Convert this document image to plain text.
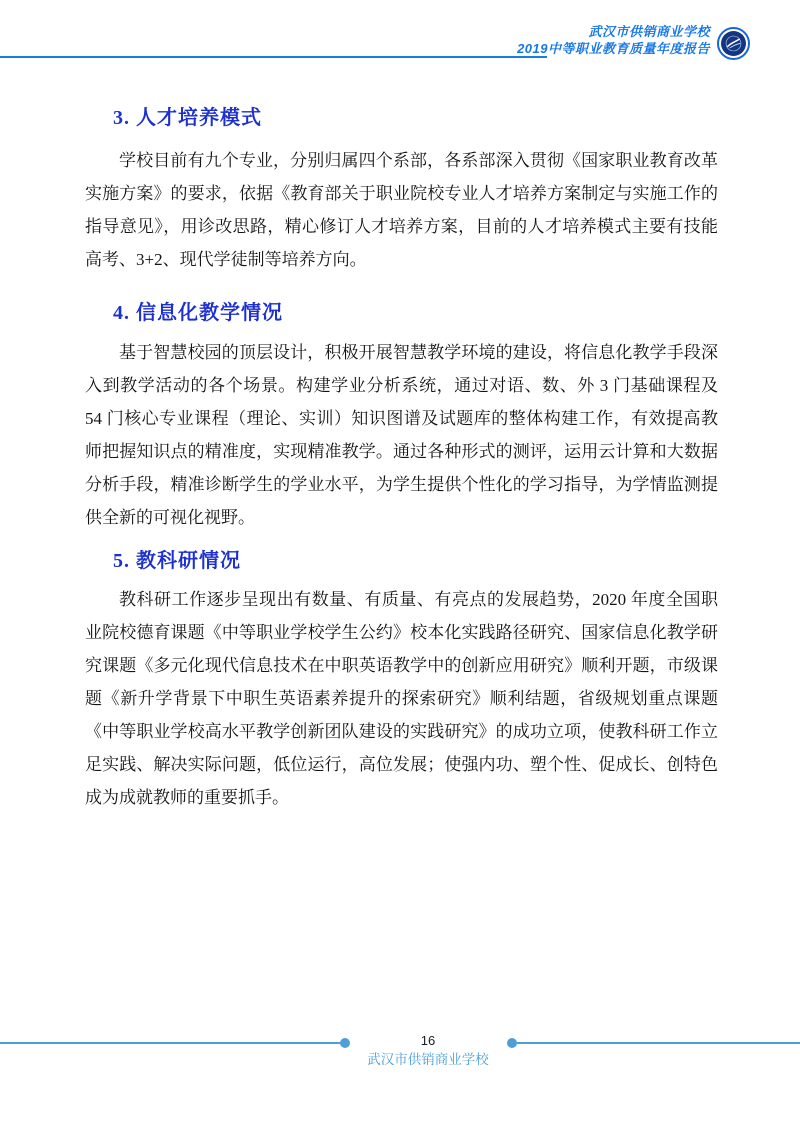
武汉市供销商业学校
2019中等职业教育质量年度报告
3. 人才培养模式

学校目前有九个专业，分别归属四个系部，各系部深入贯彻《国家职业教育改革实施方案》的要求，依据《教育部关于职业院校专业人才培养方案制定与实施工作的指导意见》，用诊改思路，精心修订人才培养方案，目前的人才培养模式主要有技能高考、3+2、现代学徒制等培养方向。

4. 信息化教学情况

基于智慧校园的顶层设计，积极开展智慧教学环境的建设，将信息化教学手段深入到教学活动的各个场景。构建学业分析系统，通过对语、数、外 3 门基础课程及 54 门核心专业课程（理论、实训）知识图谱及试题库的整体构建工作，有效提高教师把握知识点的精准度，实现精准教学。通过各种形式的测评，运用云计算和大数据分析手段，精准诊断学生的学业水平，为学生提供个性化的学习指导，为学情监测提供全新的可视化视野。

5. 教科研情况

教科研工作逐步呈现出有数量、有质量、有亮点的发展趋势，2020 年度全国职业院校德育课题《中等职业学校学生公约》校本化实践路径研究、国家信息化教学研究课题《多元化现代信息技术在中职英语教学中的创新应用研究》顺利开题，市级课题《新升学背景下中职生英语素养提升的探索研究》顺利结题，省级规划重点课题《中等职业学校高水平教学创新团队建设的实践研究》的成功立项，使教科研工作立足实践、解决实际问题，低位运行，高位发展；使强内功、塑个性、促成长、创特色成为成就教师的重要抓手。

16
武汉市供销商业学校
